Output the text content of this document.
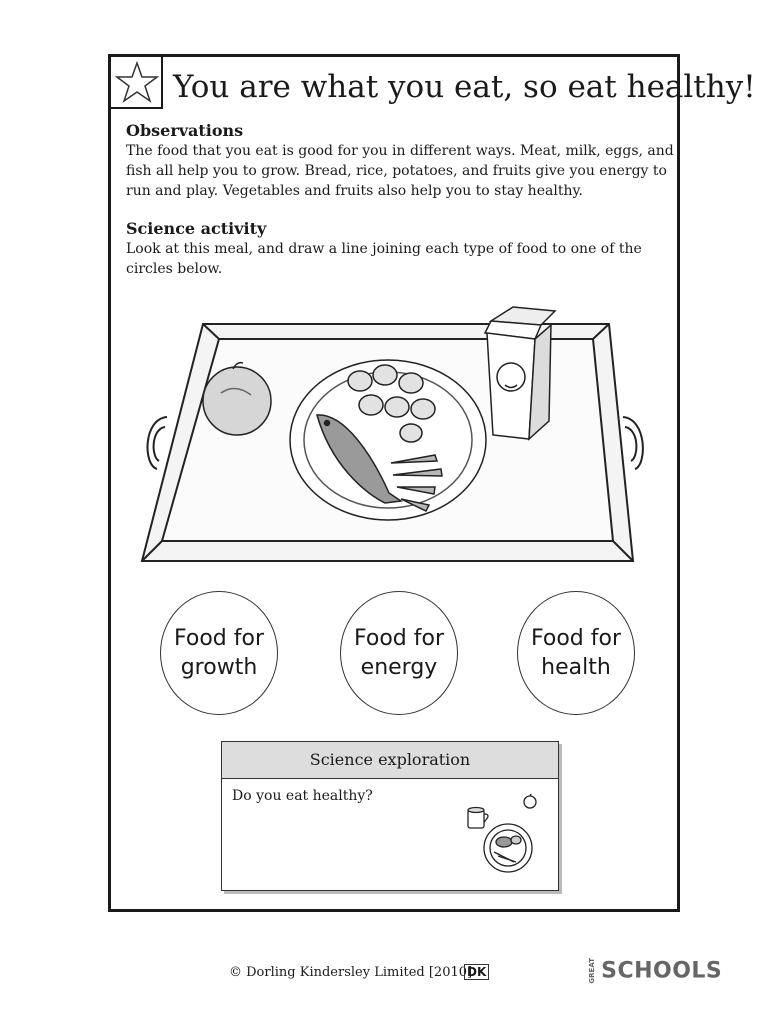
You are what you eat, so eat healthy!
Observations
The food that you eat is good for you in different ways. Meat, milk, eggs, and fish all help you to grow. Bread, rice, potatoes, and fruits give you energy to run and play. Vegetables and fruits also help you to stay healthy.
Science activity
Look at this meal, and draw a line joining each type of food to one of the circles below.
Food for growth
Food for energy
Food for health
Science exploration
Do you eat healthy?
© Dorling Kindersley Limited [2010]
DK	GREAT SCHOOLS
